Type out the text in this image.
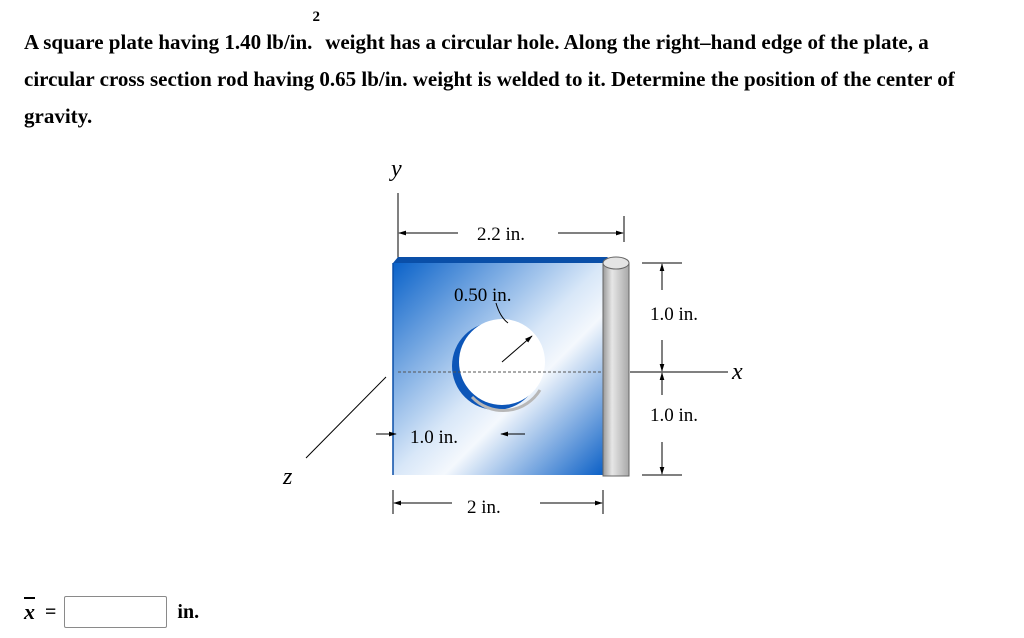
A square plate having 1.40 lb/in.$^2$ weight has a circular hole. Along the right–hand edge of the plate, a circular cross section rod having 0.65 lb/in. weight is welded to it. Determine the position of the center of gravity.

y
z
x
2.2 in.
0.50 in.
1.0 in.
1.0 in.
1.0 in.
2 in.
$\overline{x}$ =	in.
